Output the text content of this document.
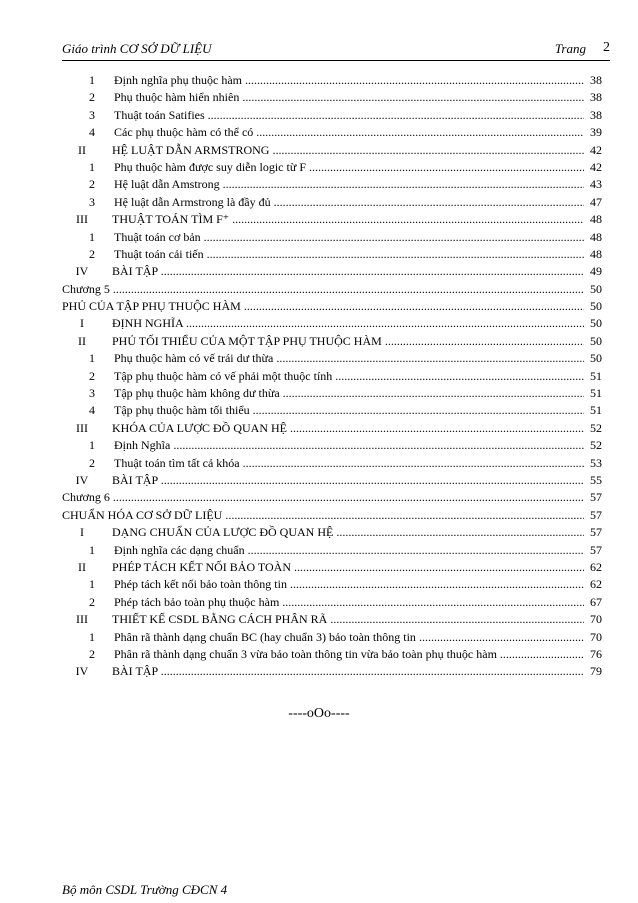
Giáo trình CƠ SỞ DỮ LIỆU	Trang 2
1	Định nghĩa phụ thuộc hàm .....	38
2	Phụ thuộc hàm hiển nhiên .....	38
3	Thuật toán Satifies .....	38
4	Các phụ thuộc hàm có thể có .....	39
II	HỆ LUẬT DẪN ARMSTRONG .....	42
1	Phụ thuộc hàm được suy diễn logic từ F .....	42
2	Hệ luật dẫn Amstrong .....	43
3	Hệ luật dẫn Armstrong là đầy đủ .....	47
III	THUẬT TOÁN TÌM F⁺ .....	48
1	Thuật toán cơ bản .....	48
2	Thuật toán cải tiến .....	48
IV	BÀI TẬP .....	49
Chương 5 .....	50
PHỦ CỦA TẬP PHỤ THUỘC HÀM .....	50
I	ĐỊNH NGHĨA .....	50
II	PHỦ TỐI THIỂU CỦA MỘT TẬP PHỤ THUỘC HÀM .....	50
1	Phụ thuộc hàm có vế trái dư thừa .....	50
2	Tập phụ thuộc hàm có vế phải một thuộc tính .....	51
3	Tập phụ thuộc hàm không dư thừa .....	51
4	Tập phụ thuộc hàm tối thiểu .....	51
III	KHÓA CỦA LƯỢC ĐỒ QUAN HỆ .....	52
1	Định Nghĩa .....	52
2	Thuật toán tìm tất cả khóa .....	53
IV	BÀI TẬP .....	55
Chương 6 .....	57
CHUẨN HÓA CƠ SỞ DỮ LIỆU .....	57
I	DẠNG CHUẨN CỦA LƯỢC ĐỒ QUAN HỆ .....	57
1	Định nghĩa các dạng chuẩn .....	57
II	PHÉP TÁCH KẾT NỐI BẢO TOÀN .....	62
1	Phép tách kết nối bảo toàn thông tin .....	62
2	Phép tách bảo toàn phụ thuộc hàm .....	67
III	THIẾT KẾ CSDL BẰNG CÁCH PHÂN RÃ .....	70
1	Phân rã thành dạng chuẩn BC (hay chuẩn 3) bảo toàn thông tin .....	70
2	Phân rã thành dạng chuẩn 3 vừa bảo toàn thông tin vừa bảo toàn phụ thuộc hàm .....	76
IV	BÀI TẬP .....	79
----oOo----
Bộ môn CSDL Trường CĐCN 4
